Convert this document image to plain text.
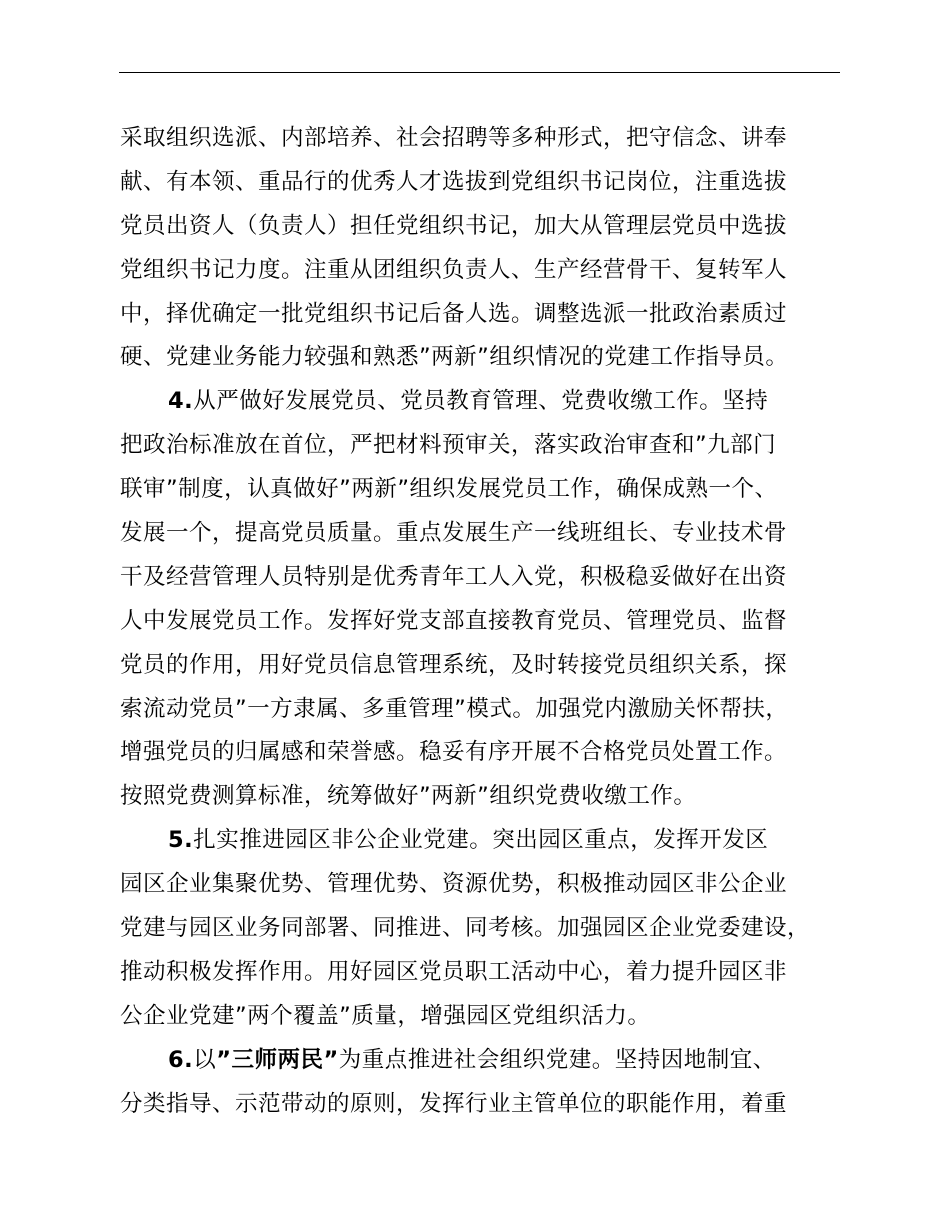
采取组织选派、内部培养、社会招聘等多种形式，把守信念、讲奉
献、有本领、重品行的优秀人才选拔到党组织书记岗位，注重选拔
党员出资人（负责人）担任党组织书记，加大从管理层党员中选拔
党组织书记力度。注重从团组织负责人、生产经营骨干、复转军人
中，择优确定一批党组织书记后备人选。调整选派一批政治素质过
硬、党建业务能力较强和熟悉”两新”组织情况的党建工作指导员。
4.从严做好发展党员、党员教育管理、党费收缴工作。坚持
把政治标准放在首位，严把材料预审关，落实政治审查和”九部门
联审”制度，认真做好”两新”组织发展党员工作，确保成熟一个、
发展一个，提高党员质量。重点发展生产一线班组长、专业技术骨
干及经营管理人员特别是优秀青年工人入党，积极稳妥做好在出资
人中发展党员工作。发挥好党支部直接教育党员、管理党员、监督
党员的作用，用好党员信息管理系统，及时转接党员组织关系，探
索流动党员”一方隶属、多重管理”模式。加强党内激励关怀帮扶，
增强党员的归属感和荣誉感。稳妥有序开展不合格党员处置工作。
按照党费测算标准，统筹做好”两新”组织党费收缴工作。
5.扎实推进园区非公企业党建。突出园区重点，发挥开发区
园区企业集聚优势、管理优势、资源优势，积极推动园区非公企业
党建与园区业务同部署、同推进、同考核。加强园区企业党委建设，
推动积极发挥作用。用好园区党员职工活动中心，着力提升园区非
公企业党建”两个覆盖”质量，增强园区党组织活力。
6.以”三师两民”为重点推进社会组织党建。坚持因地制宜、
分类指导、示范带动的原则，发挥行业主管单位的职能作用，着重
